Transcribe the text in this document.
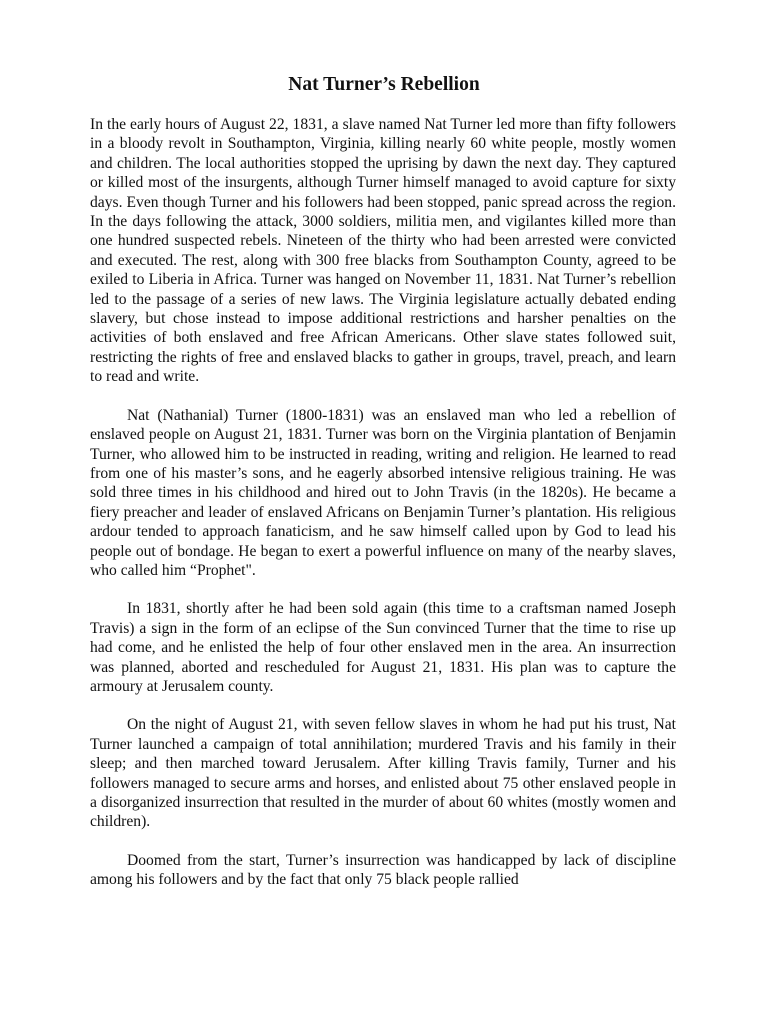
Nat Turner’s Rebellion

In the early hours of August 22, 1831, a slave named Nat Turner led more than fifty followers in a bloody revolt in Southampton, Virginia, killing nearly 60 white people, mostly women and children. The local authorities stopped the uprising by dawn the next day. They captured or killed most of the insurgents, although Turner himself managed to avoid capture for sixty days. Even though Turner and his followers had been stopped, panic spread across the region. In the days following the attack, 3000 soldiers, militia men, and vigilantes killed more than one hundred suspected rebels. Nineteen of the thirty who had been arrested were convicted and executed. The rest, along with 300 free blacks from Southampton County, agreed to be exiled to Liberia in Africa. Turner was hanged on November 11, 1831. Nat Turner’s rebellion led to the passage of a series of new laws. The Virginia legislature actually debated ending slavery, but chose instead to impose additional restrictions and harsher penalties on the activities of both enslaved and free African Americans. Other slave states followed suit, restricting the rights of free and enslaved blacks to gather in groups, travel, preach, and learn to read and write.

Nat (Nathanial) Turner (1800-1831) was an enslaved man who led a rebellion of enslaved people on August 21, 1831. Turner was born on the Virginia plantation of Benjamin Turner, who allowed him to be instructed in reading, writing and religion. He learned to read from one of his master’s sons, and he eagerly absorbed intensive religious training. He was sold three times in his childhood and hired out to John Travis (in the 1820s). He became a fiery preacher and leader of enslaved Africans on Benjamin Turner’s plantation. His religious ardour tended to approach fanaticism, and he saw himself called upon by God to lead his people out of bondage. He began to exert a powerful influence on many of the nearby slaves, who called him “Prophet".

In 1831, shortly after he had been sold again (this time to a craftsman named Joseph Travis) a sign in the form of an eclipse of the Sun convinced Turner that the time to rise up had come, and he enlisted the help of four other enslaved men in the area. An insurrection was planned, aborted and rescheduled for August 21, 1831. His plan was to capture the armoury at Jerusalem county.

On the night of August 21, with seven fellow slaves in whom he had put his trust, Nat Turner launched a campaign of total annihilation; murdered Travis and his family in their sleep; and then marched toward Jerusalem. After killing Travis family, Turner and his followers managed to secure arms and horses, and enlisted about 75 other enslaved people in a disorganized insurrection that resulted in the murder of about 60 whites (mostly women and children).

Doomed from the start, Turner’s insurrection was handicapped by lack of discipline among his followers and by the fact that only 75 black people rallied
